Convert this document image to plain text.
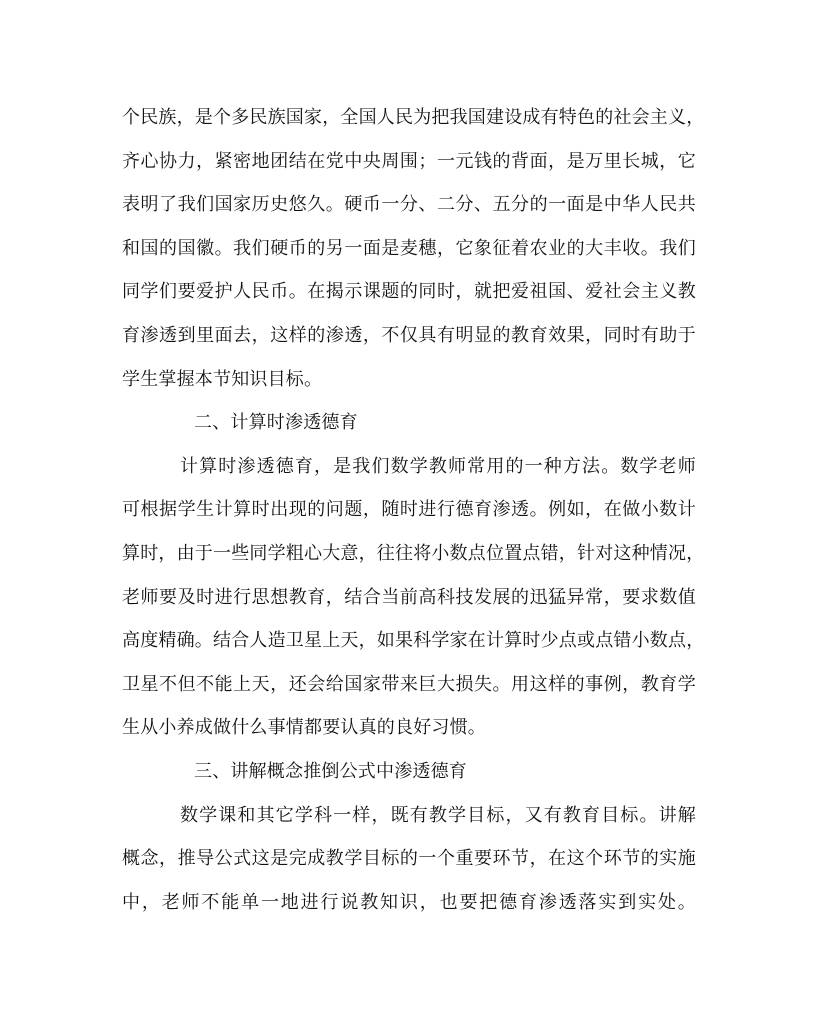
个民族，是个多民族国家，全国人民为把我国建设成有特色的社会主义，
齐心协力，紧密地团结在党中央周围；一元钱的背面，是万里长城，它
表明了我们国家历史悠久。硬币一分、二分、五分的一面是中华人民共
和国的国徽。我们硬币的另一面是麦穗，它象征着农业的大丰收。我们
同学们要爱护人民币。在揭示课题的同时，就把爱祖国、爱社会主义教
育渗透到里面去，这样的渗透，不仅具有明显的教育效果，同时有助于
学生掌握本节知识目标。
二、计算时渗透德育
计算时渗透德育，是我们数学教师常用的一种方法。数学老师
可根据学生计算时出现的问题，随时进行德育渗透。例如，在做小数计
算时，由于一些同学粗心大意，往往将小数点位置点错，针对这种情况，
老师要及时进行思想教育，结合当前高科技发展的迅猛异常，要求数值
高度精确。结合人造卫星上天，如果科学家在计算时少点或点错小数点，
卫星不但不能上天，还会给国家带来巨大损失。用这样的事例，教育学
生从小养成做什么事情都要认真的良好习惯。
三、讲解概念推倒公式中渗透德育
数学课和其它学科一样，既有教学目标，又有教育目标。讲解
概念，推导公式这是完成教学目标的一个重要环节，在这个环节的实施
中，老师不能单一地进行说教知识，也要把德育渗透落实到实处。
